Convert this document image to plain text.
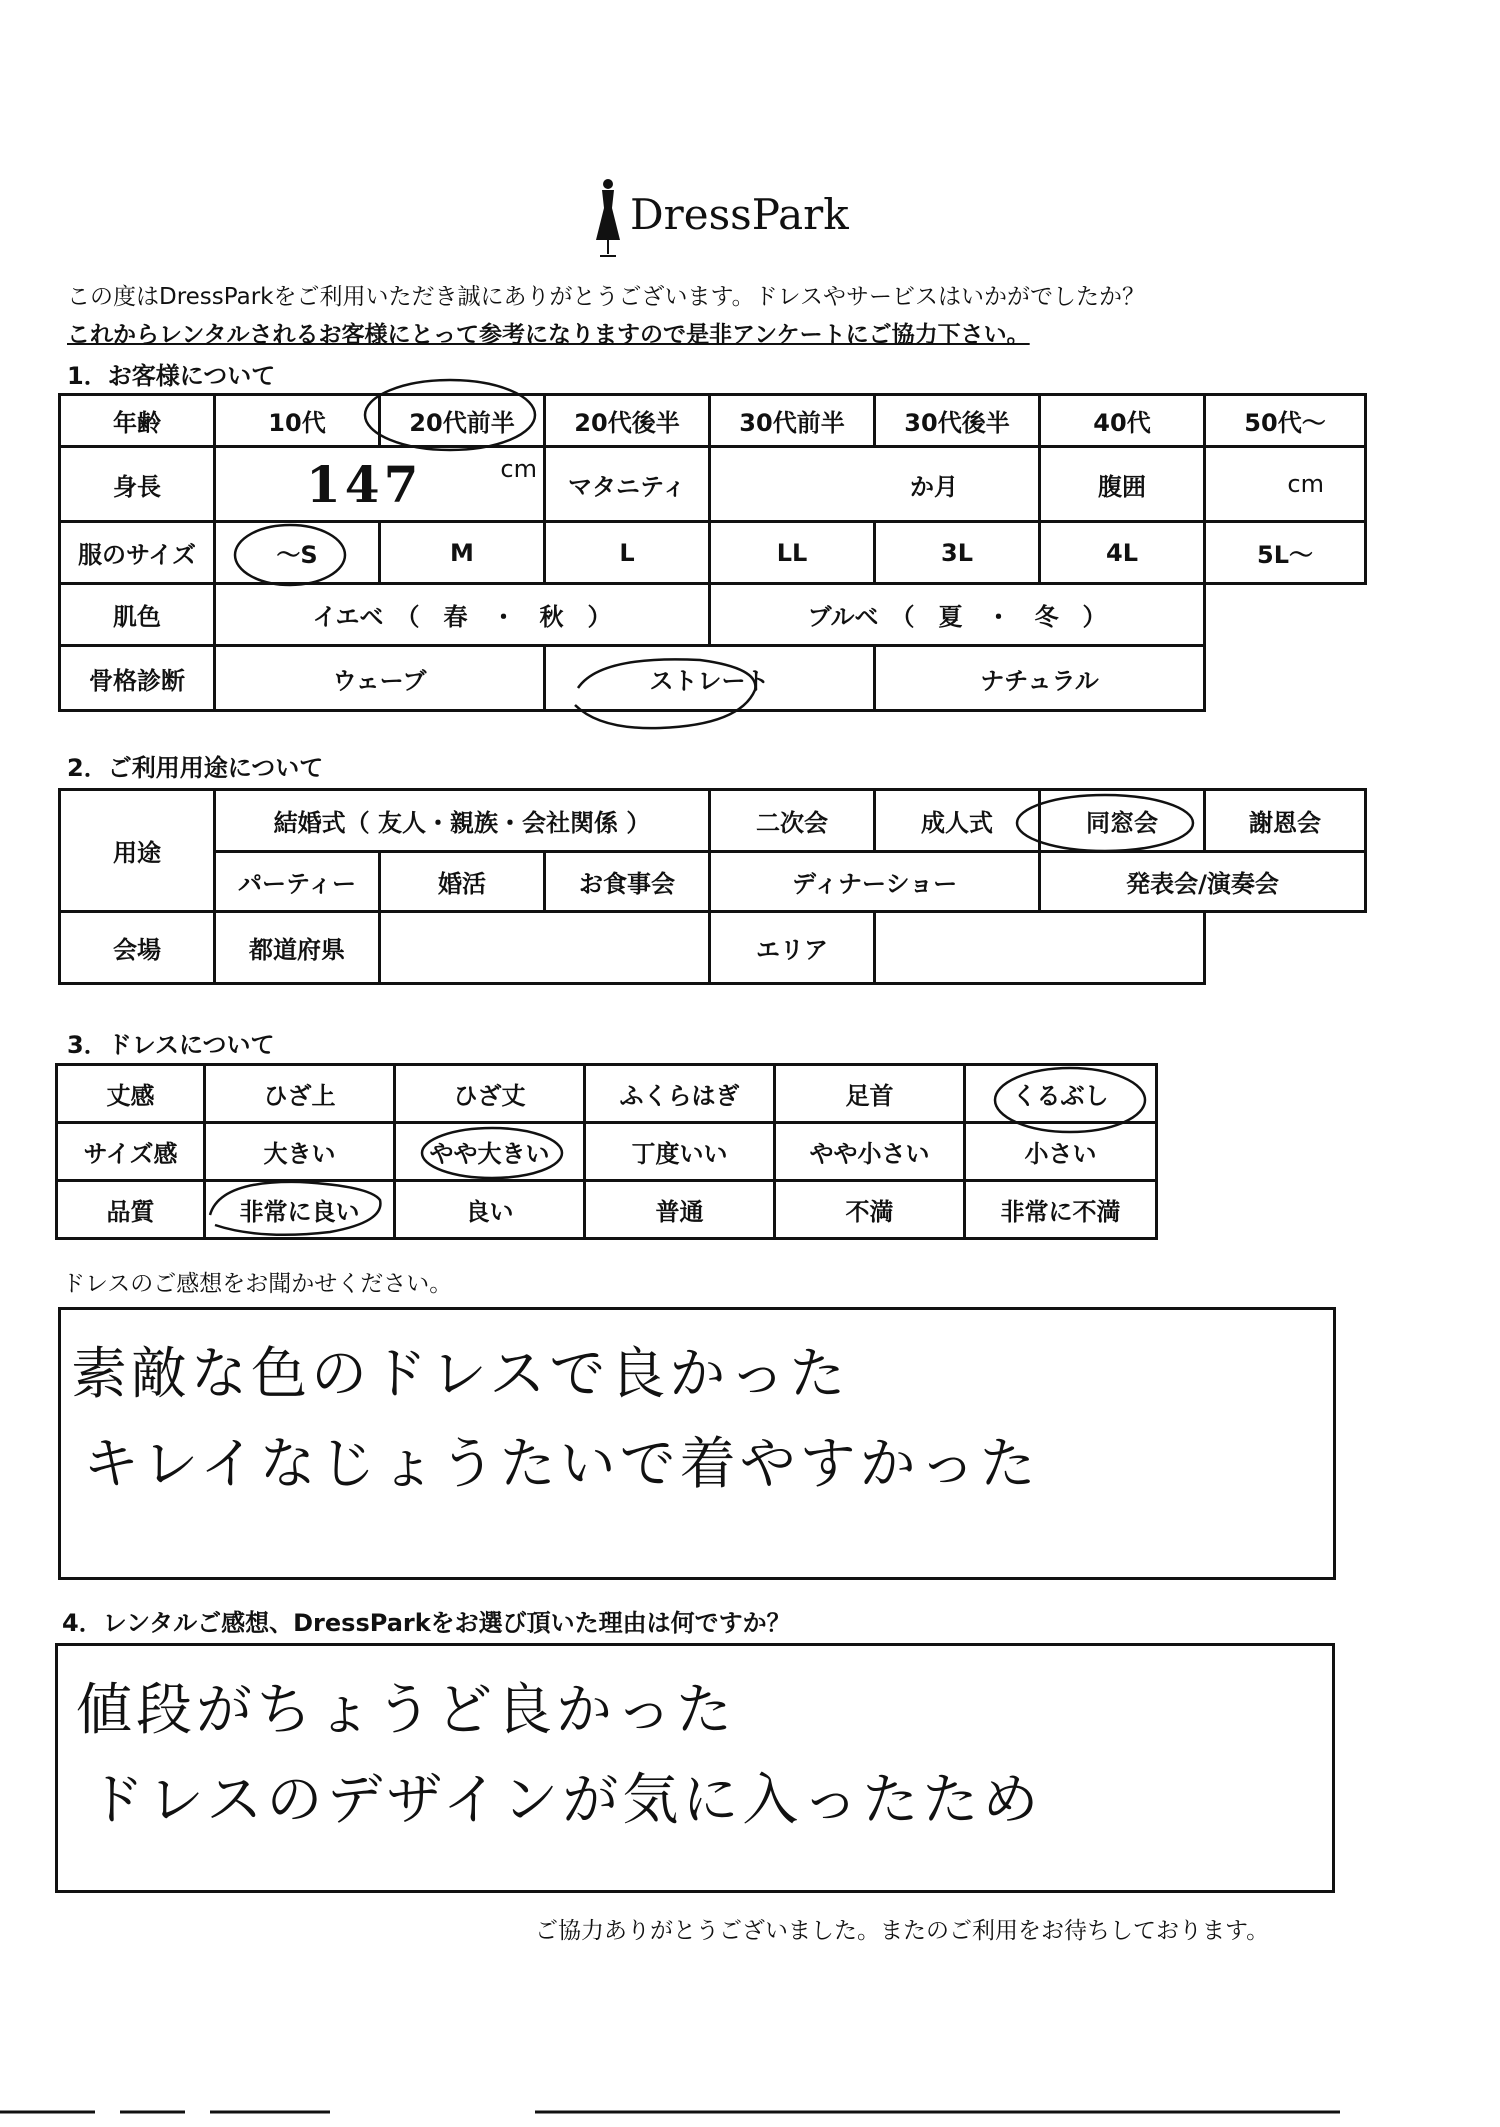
DressPark
この度はDressParkをご利用いただき誠にありがとうございます。ドレスやサービスはいかがでしたか？
これからレンタルされるお客様にとって参考になりますので是非アンケートにご協力下さい。
1．お客様について
年齢	10代	20代前半	20代後半	30代前半	30代後半	40代	50代～
身長	147 cm		マタニティ	か月		腹囲	cm
服のサイズ	～S	M	L	LL	3L	4L	5L～
肌色	イエベ　（　春　・　秋　）			ブルベ　（　夏　・　冬　）			
骨格診断	ウェーブ		ストレート		ナチュラル		
2．ご利用用途について
用途	結婚式（ 友人・親族・会社関係 ）			二次会	成人式	同窓会	謝恩会
	パーティー	婚活	お食事会	ディナーショー		発表会/演奏会	
会場	都道府県			エリア			
3．ドレスについて
丈感	ひざ上	ひざ丈	ふくらはぎ	足首	くるぶし
サイズ感	大きい	やや大きい	丁度いい	やや小さい	小さい
品質	非常に良い	良い	普通	不満	非常に不満
ドレスのご感想をお聞かせください。
素敵な色のドレスで良かった
キレイなじょうたいで着やすかった
4．レンタルご感想、DressParkをお選び頂いた理由は何ですか？
値段がちょうど良かった
ドレスのデザインが気に入ったため
ご協力ありがとうございました。またのご利用をお待ちしております。
